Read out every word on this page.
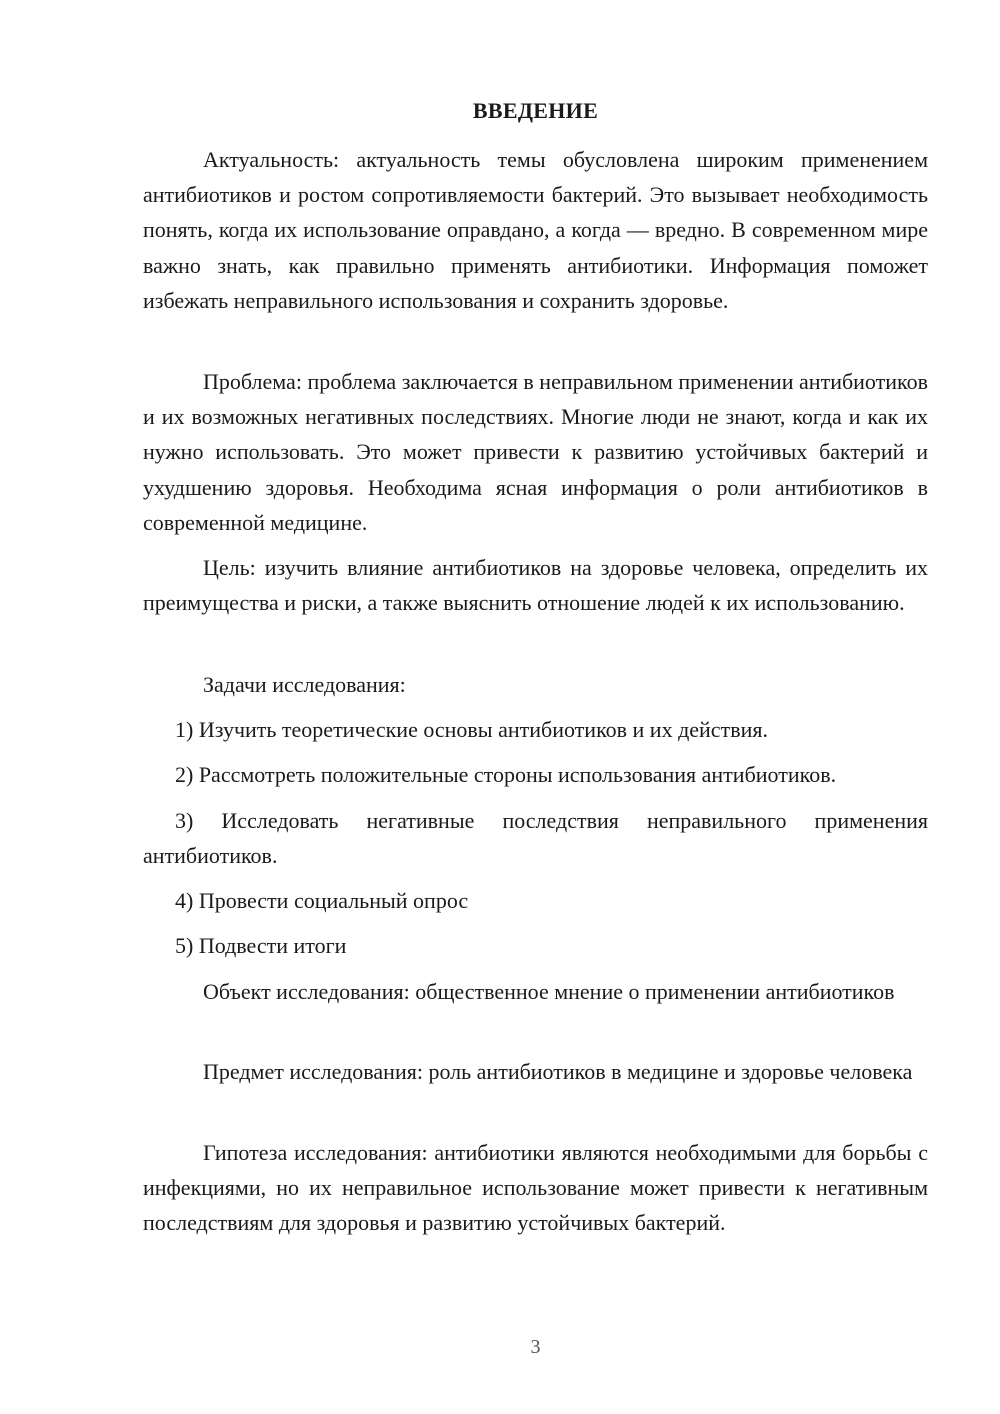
ВВЕДЕНИЕ

Актуальность: актуальность темы обусловлена широким применением антибиотиков и ростом сопротивляемости бактерий. Это вызывает необходимость понять, когда их использование оправдано, а когда — вредно. В современном мире важно знать, как правильно применять антибиотики. Информация поможет избежать неправильного использования и сохранить здоровье.

Проблема: проблема заключается в неправильном применении антибиотиков и их возможных негативных последствиях. Многие люди не знают, когда и как их нужно использовать. Это может привести к развитию устойчивых бактерий и ухудшению здоровья. Необходима ясная информация о роли антибиотиков в современной медицине.

Цель: изучить влияние антибиотиков на здоровье человека, определить их преимущества и риски, а также выяснить отношение людей к их использованию.

Задачи исследования:

1) Изучить теоретические основы антибиотиков и их действия.

2) Рассмотреть положительные стороны использования антибиотиков.

3) Исследовать негативные последствия неправильного применения антибиотиков.

4) Провести социальный опрос

5) Подвести итоги

Объект исследования: общественное мнение о применении антибиотиков

Предмет исследования: роль антибиотиков в медицине и здоровье человека

Гипотеза исследования: антибиотики являются необходимыми для борьбы с инфекциями, но их неправильное использование может привести к негативным последствиям для здоровья и развитию устойчивых бактерий.

3
